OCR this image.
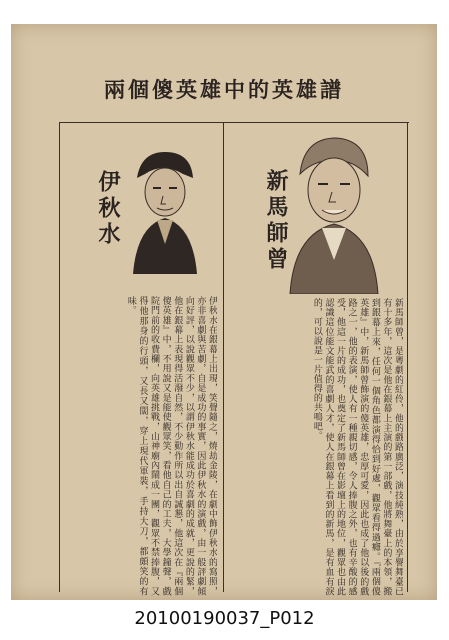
兩個傻英雄中的英雄譜
伊秋水	新馬師曾
伊秋水在銀幕上出現，笑聲隨之，燒劫金陵，在劇中飾伊秋水的寫照，亦非喜劇與苦劇，自是成功的事實，因此伊秋水的演戲，由一般評劇傾向好評，以說觀眾不少，以謂伊秋水能成功於喜劇的成就，更說的緊，他在銀幕上表現得活潑自然，不少動作所以出自誠懇，他這次在『兩個傻英雄』中，不用說又是能使觀眾笑，看他自己的工夫，大學鐘聲，戲院門前的收費欄，向英雄挑戰，山神廟內鬧成一團，觀眾不禁捧腹，又得他那身的行頭，又長又闊，穿上現代軍裝，手持大刀，都頗笑的有味。	新馬師曾，是粵劇的紅伶，他的戲路廣泛，演技純熟，由於享譽舞臺已有十多年，這次是他在銀幕上主演的第一部戲，他將舞臺上的本領，搬到銀幕上來，任何一個角色都演得恰到好處，觀眾看得過癮。『兩個傻英雄』中，新馬師曾飾演的傻英雄，忠厚可愛，因此也成了他以後的戲路之一，他的表演，使人有一種親切感，令人捧腹之外，也有辛酸的感受，他這一片的成功，也奠定了新馬師曾在影壇上的地位，觀眾也由此認識這位能文能武的喜劇人才，使人在銀幕上看到的新馬，是有血有淚的，可以說是一片值得的共鳴吧。
20100190037_P012
